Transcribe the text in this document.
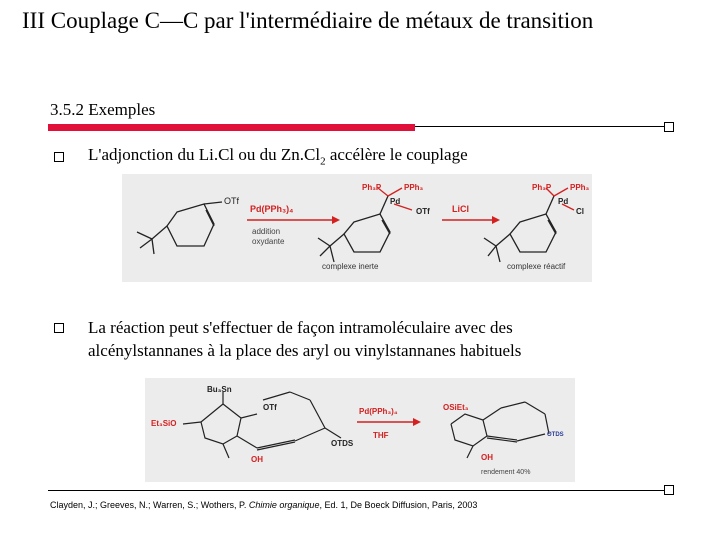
III Couplage C—C par l'intermédiaire de métaux de transition
3.5.2 Exemples
L'adjonction du Li.Cl ou du $Zn.Cl_2$ accélère le couplage
OTf
Pd(PPh₃)₄
addition
oxydante
Ph₃P	PPh₃
Pd
OTf
complexe inerte
LiCl
Ph₃P PPh₃
Pd
Cl
complexe réactif
La réaction peut s'effectuer de façon intramoléculaire avec des
alcénylstannanes à la place des aryl ou vinylstannanes habituels
Bu₃Sn
OTf
Et₃SiO
OTDS
OH
Pd(PPh₃)₄
THF
OSiEt₃
OTDS
OH
rendement 40%
Clayden, J.; Greeves, N.; Warren, S.; Wothers, P. Chimie organique, Ed. 1, De Boeck Diffusion, Paris, 2003
